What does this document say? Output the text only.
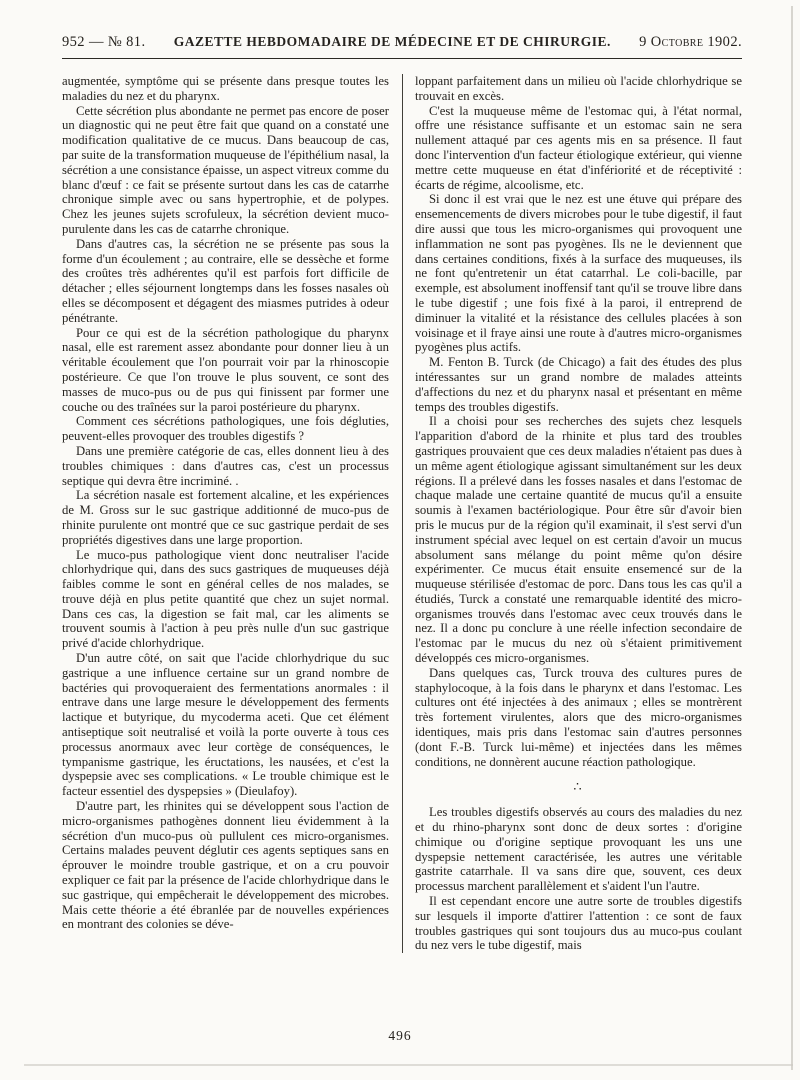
952 — № 81.	GAZETTE HEBDOMADAIRE DE MÉDECINE ET DE CHIRURGIE.	9 Octobre 1902.

augmentée, symptôme qui se présente dans presque toutes les maladies du nez et du pharynx.

Cette sécrétion plus abondante ne permet pas encore de poser un diagnostic qui ne peut être fait que quand on a constaté une modification qualitative de ce mucus. Dans beaucoup de cas, par suite de la transformation muqueuse de l'épithélium nasal, la sécrétion a une consistance épaisse, un aspect vitreux comme du blanc d'œuf : ce fait se présente surtout dans les cas de catarrhe chronique simple avec ou sans hypertrophie, et de polypes. Chez les jeunes sujets scrofuleux, la sécrétion devient muco-purulente dans les cas de catarrhe chronique.

Dans d'autres cas, la sécrétion ne se présente pas sous la forme d'un écoulement ; au contraire, elle se dessèche et forme des croûtes très adhérentes qu'il est parfois fort difficile de détacher ; elles séjournent longtemps dans les fosses nasales où elles se décomposent et dégagent des miasmes putrides à odeur pénétrante.

Pour ce qui est de la sécrétion pathologique du pharynx nasal, elle est rarement assez abondante pour donner lieu à un véritable écoulement que l'on pourrait voir par la rhinoscopie postérieure. Ce que l'on trouve le plus souvent, ce sont des masses de muco-pus ou de pus qui finissent par former une couche ou des traînées sur la paroi postérieure du pharynx.

Comment ces sécrétions pathologiques, une fois dégluties, peuvent-elles provoquer des troubles digestifs ?

Dans une première catégorie de cas, elles donnent lieu à des troubles chimiques : dans d'autres cas, c'est un processus septique qui devra être incriminé. .

La sécrétion nasale est fortement alcaline, et les expériences de M. Gross sur le suc gastrique additionné de muco-pus de rhinite purulente ont montré que ce suc gastrique perdait de ses propriétés digestives dans une large proportion.

Le muco-pus pathologique vient donc neutraliser l'acide chlorhydrique qui, dans des sucs gastriques de muqueuses déjà faibles comme le sont en général celles de nos malades, se trouve déjà en plus petite quantité que chez un sujet normal. Dans ces cas, la digestion se fait mal, car les aliments se trouvent soumis à l'action à peu près nulle d'un suc gastrique privé d'acide chlorhydrique.

D'un autre côté, on sait que l'acide chlorhydrique du suc gastrique a une influence certaine sur un grand nombre de bactéries qui provoqueraient des fermentations anormales : il entrave dans une large mesure le développement des ferments lactique et butyrique, du mycoderma aceti. Que cet élément antiseptique soit neutralisé et voilà la porte ouverte à tous ces processus anormaux avec leur cortège de conséquences, le tympanisme gastrique, les éructations, les nausées, et c'est la dyspepsie avec ses complications. « Le trouble chimique est le facteur essentiel des dyspepsies » (Dieulafoy).

D'autre part, les rhinites qui se développent sous l'action de micro-organismes pathogènes donnent lieu évidemment à la sécrétion d'un muco-pus où pullulent ces micro-organismes. Certains malades peuvent déglutir ces agents septiques sans en éprouver le moindre trouble gastrique, et on a cru pouvoir expliquer ce fait par la présence de l'acide chlorhydrique dans le suc gastrique, qui empêcherait le développement des microbes. Mais cette théorie a été ébranlée par de nouvelles expériences en montrant des colonies se déve-

loppant parfaitement dans un milieu où l'acide chlorhydrique se trouvait en excès.

C'est la muqueuse même de l'estomac qui, à l'état normal, offre une résistance suffisante et un estomac sain ne sera nullement attaqué par ces agents mis en sa présence. Il faut donc l'intervention d'un facteur étiologique extérieur, qui vienne mettre cette muqueuse en état d'infériorité et de réceptivité : écarts de régime, alcoolisme, etc.

Si donc il est vrai que le nez est une étuve qui prépare des ensemencements de divers microbes pour le tube digestif, il faut dire aussi que tous les micro-organismes qui provoquent une inflammation ne sont pas pyogènes. Ils ne le deviennent que dans certaines conditions, fixés à la surface des muqueuses, ils ne font qu'entretenir un état catarrhal. Le coli-bacille, par exemple, est absolument inoffensif tant qu'il se trouve libre dans le tube digestif ; une fois fixé à la paroi, il entreprend de diminuer la vitalité et la résistance des cellules placées à son voisinage et il fraye ainsi une route à d'autres micro-organismes pyogènes plus actifs.

M. Fenton B. Turck (de Chicago) a fait des études des plus intéressantes sur un grand nombre de malades atteints d'affections du nez et du pharynx nasal et présentant en même temps des troubles digestifs.

Il a choisi pour ses recherches des sujets chez lesquels l'apparition d'abord de la rhinite et plus tard des troubles gastriques prouvaient que ces deux maladies n'étaient pas dues à un même agent étiologique agissant simultanément sur les deux régions. Il a prélevé dans les fosses nasales et dans l'estomac de chaque malade une certaine quantité de mucus qu'il a ensuite soumis à l'examen bactériologique. Pour être sûr d'avoir bien pris le mucus pur de la région qu'il examinait, il s'est servi d'un instrument spécial avec lequel on est certain d'avoir un mucus absolument sans mélange du point même qu'on désire expérimenter. Ce mucus était ensuite ensemencé sur de la muqueuse stérilisée d'estomac de porc. Dans tous les cas qu'il a étudiés, Turck a constaté une remarquable identité des micro-organismes trouvés dans l'estomac avec ceux trouvés dans le nez. Il a donc pu conclure à une réelle infection secondaire de l'estomac par le mucus du nez où s'étaient primitivement développés ces micro-organismes.

Dans quelques cas, Turck trouva des cultures pures de staphylocoque, à la fois dans le pharynx et dans l'estomac. Les cultures ont été injectées à des animaux ; elles se montrèrent très fortement virulentes, alors que des micro-organismes identiques, mais pris dans l'estomac sain d'autres personnes (dont F.-B. Turck lui-même) et injectées dans les mêmes conditions, ne donnèrent aucune réaction pathologique.

∴

Les troubles digestifs observés au cours des maladies du nez et du rhino-pharynx sont donc de deux sortes : d'origine chimique ou d'origine septique provoquant les uns une dyspepsie nettement caractérisée, les autres une véritable gastrite catarrhale. Il va sans dire que, souvent, ces deux processus marchent parallèlement et s'aident l'un l'autre.

Il est cependant encore une autre sorte de troubles digestifs sur lesquels il importe d'attirer l'attention : ce sont de faux troubles gastriques qui sont toujours dus au muco-pus coulant du nez vers le tube digestif, mais

496
